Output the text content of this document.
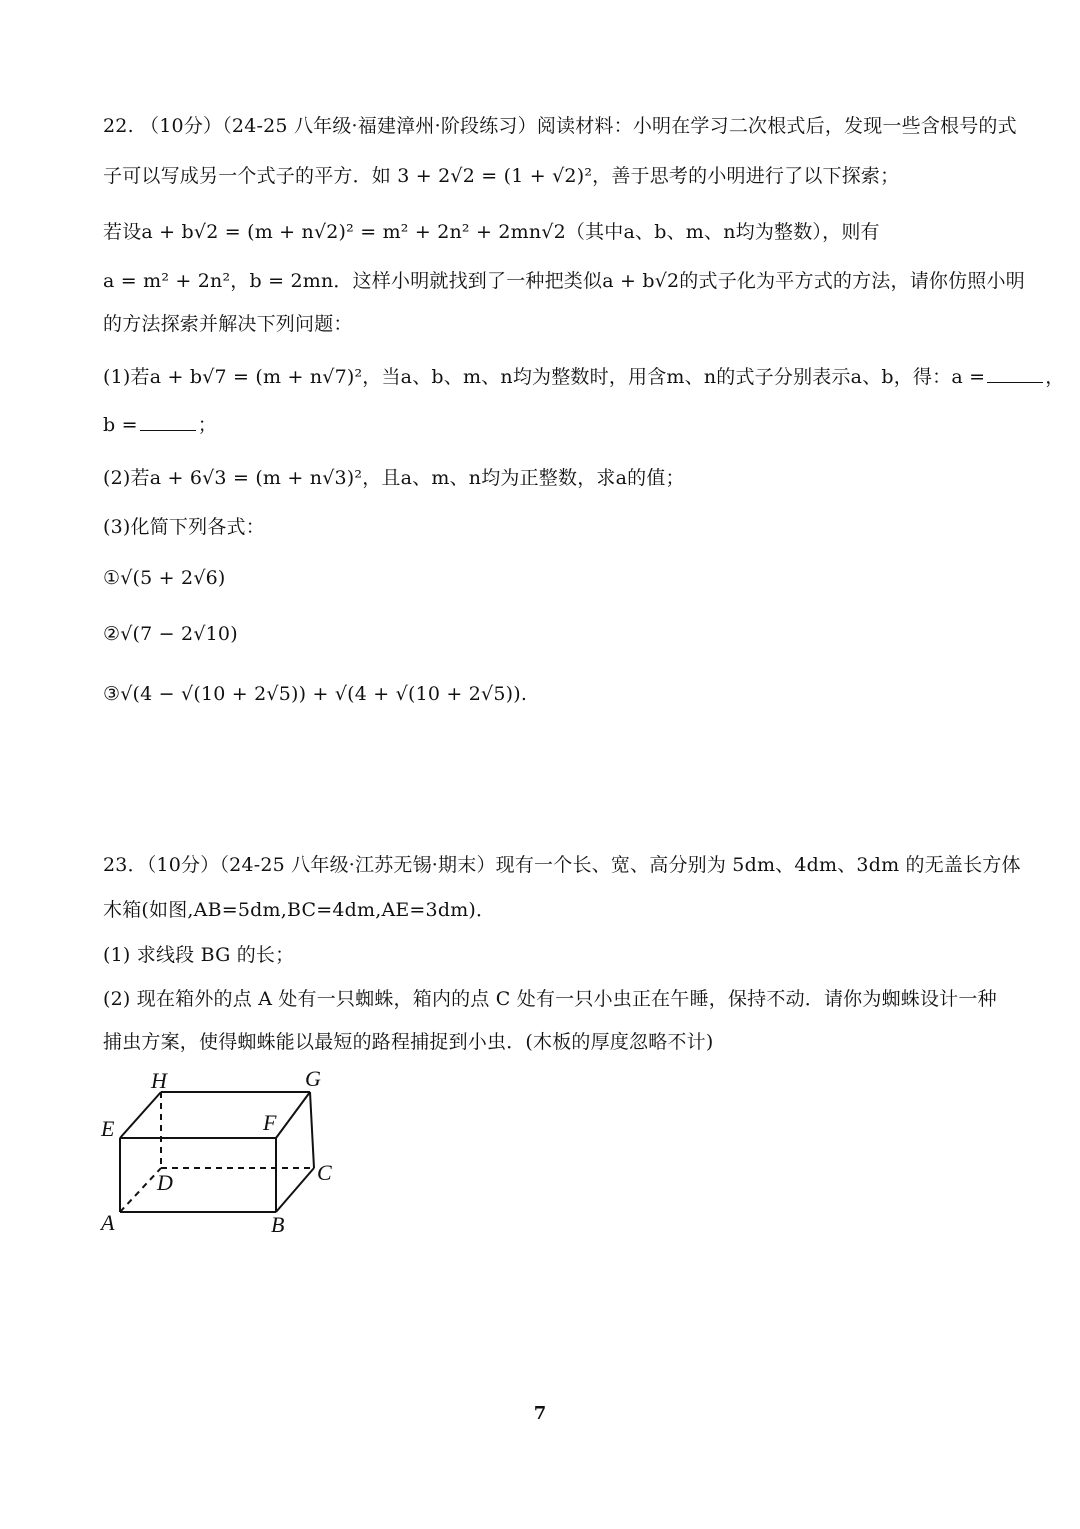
22. （10分）（24-25 八年级·福建漳州·阶段练习）阅读材料：小明在学习二次根式后，发现一些含根号的式
子可以写成另一个式子的平方．如 3 + 2√2 = (1 + √2)²，善于思考的小明进行了以下探索；
若设a + b√2 = (m + n√2)² = m² + 2n² + 2mn√2（其中a、b、m、n均为整数），则有
a = m² + 2n²，b = 2mn．这样小明就找到了一种把类似a + b√2的式子化为平方式的方法，请你仿照小明
的方法探索并解决下列问题：
(1)若a + b√7 = (m + n√7)²，当a、b、m、n均为整数时，用含m、n的式子分别表示a、b，得：a =	，
b =	；
(2)若a + 6√3 = (m + n√3)²，且a、m、n均为正整数，求a的值；
(3)化简下列各式：
①√(5 + 2√6)
②√(7 − 2√10)
③√(4 − √(10 + 2√5)) + √(4 + √(10 + 2√5)).
23．（10分）（24-25 八年级·江苏无锡·期末）现有一个长、宽、高分别为 5dm、4dm、3dm 的无盖长方体
木箱(如图,AB=5dm,BC=4dm,AE=3dm)．
(1) 求线段 BG 的长；
(2) 现在箱外的点 A 处有一只蜘蛛，箱内的点 C 处有一只小虫正在午睡，保持不动．请你为蜘蛛设计一种
捕虫方案，使得蜘蛛能以最短的路程捕捉到小虫．(木板的厚度忽略不计)
H	G
E	F
D	C
A	B
7
